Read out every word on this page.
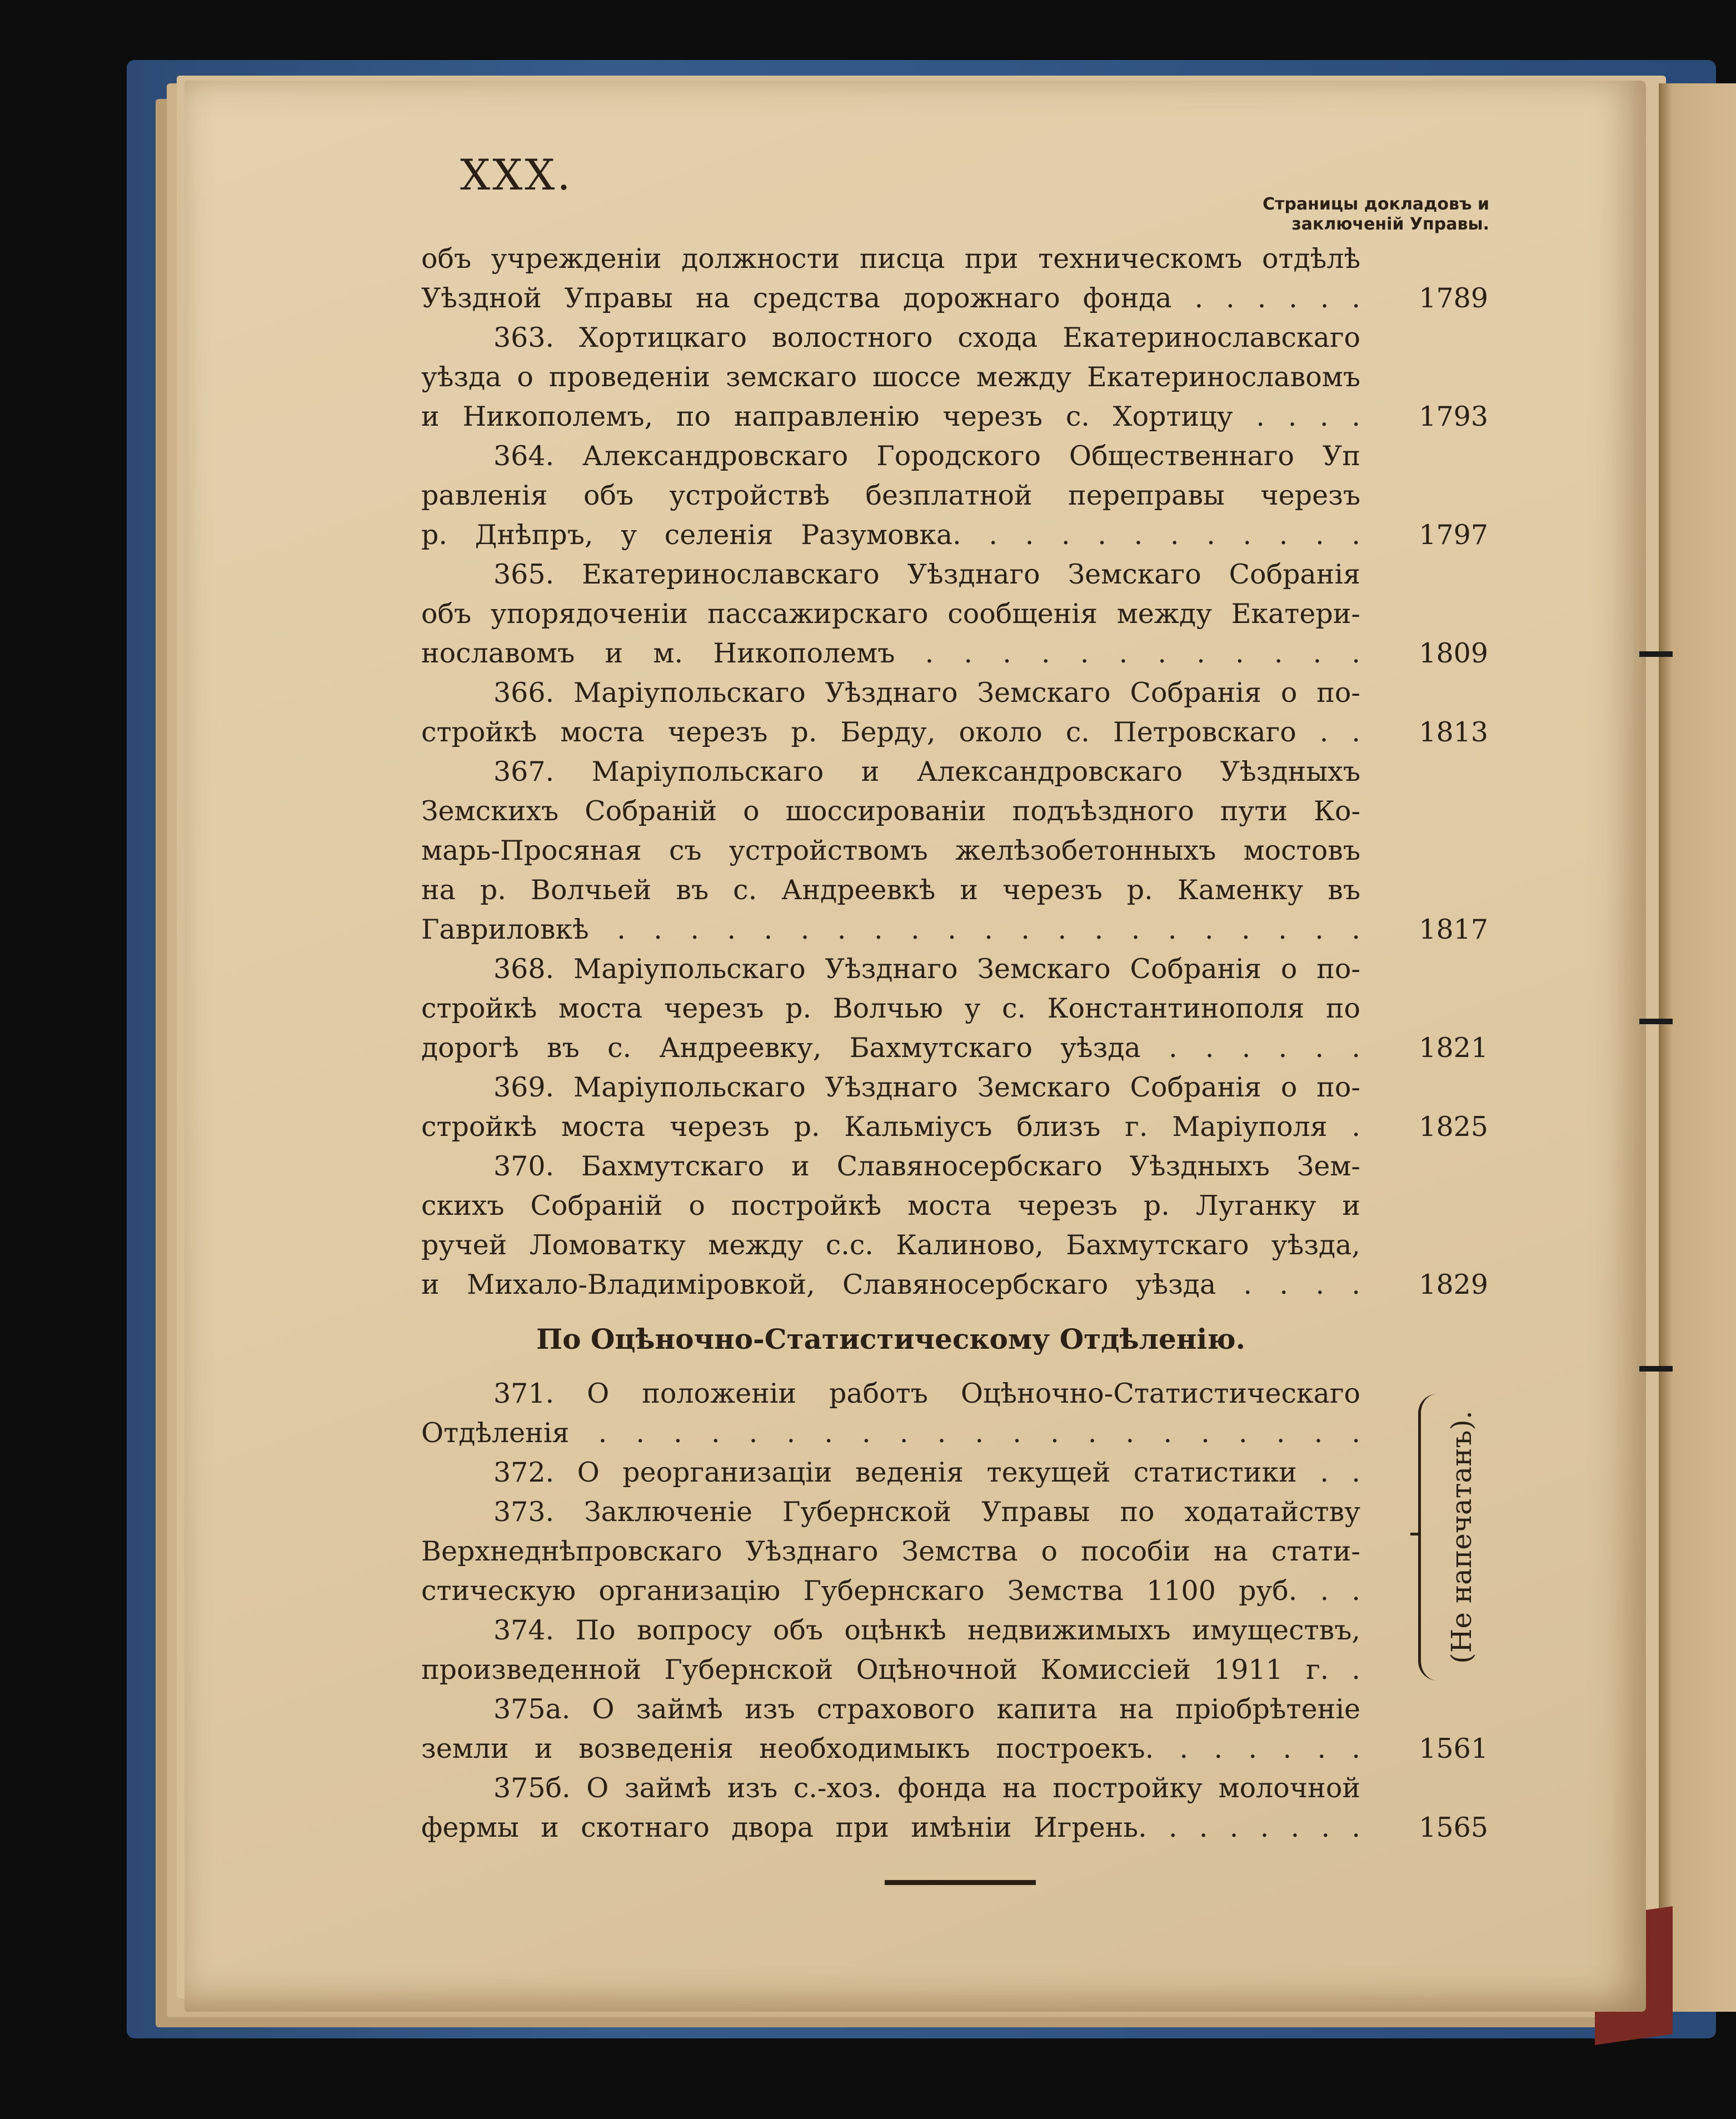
XXX.
Страницы докладовъ и
заключенiй Управы.
объ учрежденiи должности писца при техническомъ отдѣлѣ
Уѣздной Управы на средства дорожнаго фонда . . . . . .	1789
363. Хортицкаго волостного схода Екатеринославскаго
уѣзда о проведенiи земскаго шоссе между Екатеринославомъ
и Никополемъ, по направленiю черезъ с. Хортицу . . . .	1793
364. Александровскаго Городского Общественнаго Уп
равленiя объ устройствѣ безплатной переправы черезъ
р. Днѣпръ, у селенiя Разумовка. . . . . . . . . . . .	1797
365. Екатеринославскаго Уѣзднаго Земскаго Собранiя
объ упорядоченiи пассажирскаго сообщенiя между Екатери-
нославомъ и м. Никополемъ . . . . . . . . . . . .	1809
366. Марiупольскаго Уѣзднаго Земскаго Собранiя о по-
стройкѣ моста черезъ р. Берду, около с. Петровскаго . .	1813
367. Марiупольскаго и Александровскаго Уѣздныхъ
Земскихъ Собранiй о шоссированiи подъѣздного пути Ко-
марь-Просяная съ устройствомъ желѣзобетонныхъ мостовъ
на р. Волчьей въ с. Андреевкѣ и черезъ р. Каменку въ
Гавриловкѣ . . . . . . . . . . . . . . . . . . . . .	1817
368. Марiупольскаго Уѣзднаго Земскаго Собранiя о по-
стройкѣ моста черезъ р. Волчью у с. Константинополя по
дорогѣ въ с. Андреевку, Бахмутскаго уѣзда . . . . . .	1821
369. Марiупольскаго Уѣзднаго Земскаго Собранiя о по-
стройкѣ моста черезъ р. Кальмiусъ близъ г. Марiуполя .	1825
370. Бахмутскаго и Славяносербскаго Уѣздныхъ Зем-
скихъ Собранiй о постройкѣ моста черезъ р. Луганку и
ручей Ломоватку между с.с. Калиново, Бахмутскаго уѣзда,
и Михало-Владимiровкой, Славяносербскаго уѣзда . . . .	1829
По Оцѣночно-Статистическому Отдѣленiю.
371. О положенiи работъ Оцѣночно-Статистическаго
Отдѣленiя . . . . . . . . . . . . . . . . . . . . .
372. О реорганизацiи веденiя текущей статистики . .
373. Заключенiе Губернской Управы по ходатайству
Верхнеднѣпровскаго Уѣзднаго Земства о пособiи на стати-
стическую организацiю Губернскаго Земства 1100 руб. . .
374. По вопросу объ оцѣнкѣ недвижимыхъ имуществъ,
произведенной Губернской Оцѣночной Комиссiей 1911 г. .
375а. О займѣ изъ страхового капита на прiобрѣтенiе
земли и возведенiя необходимыкъ построекъ. . . . . . .	1561
375б. О займѣ изъ с.-хоз. фонда на постройку молочной
фермы и скотнаго двора при имѣнiи Игрень. . . . . . . .	1565
(Не напечатанъ).
